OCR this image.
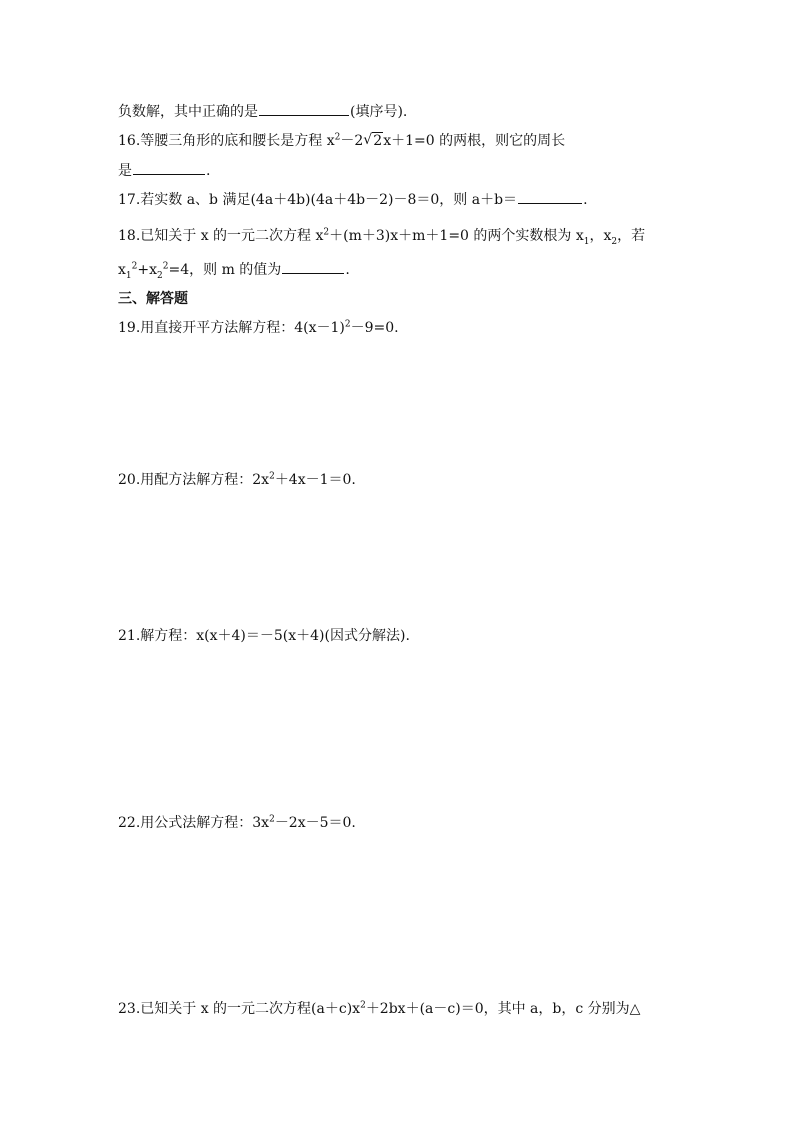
负数解，其中正确的是	(填序号).
16.等腰三角形的底和腰长是方程 $x^2-2$ √ 2x＋1=0 的两根，则它的周长
是	.
17.若实数 a、b 满足(4a＋4b)(4a＋4b－2)－8＝0，则 a＋b＝	.
18.已知关于 x 的一元二次方程 $x^2+(m+3)x+m+1=0$ 的两个实数根为 $x_1$，$x_2$，若
$x_1^2+x_2^2=4$，则 m 的值为	.
三、解答题
19.用直接开平方法解方程：$4(x-1)^2-9=0$.
20.用配方法解方程：$2x^2+4x-1=0$.
21.解方程：x(x＋4)＝－5(x＋4)(因式分解法).
22.用公式法解方程：$3x^2-2x-5=0$.
23.已知关于 x 的一元二次方程$(a+c)x^2+2bx+(a-c)=0$，其中 a，b，c 分别为△
